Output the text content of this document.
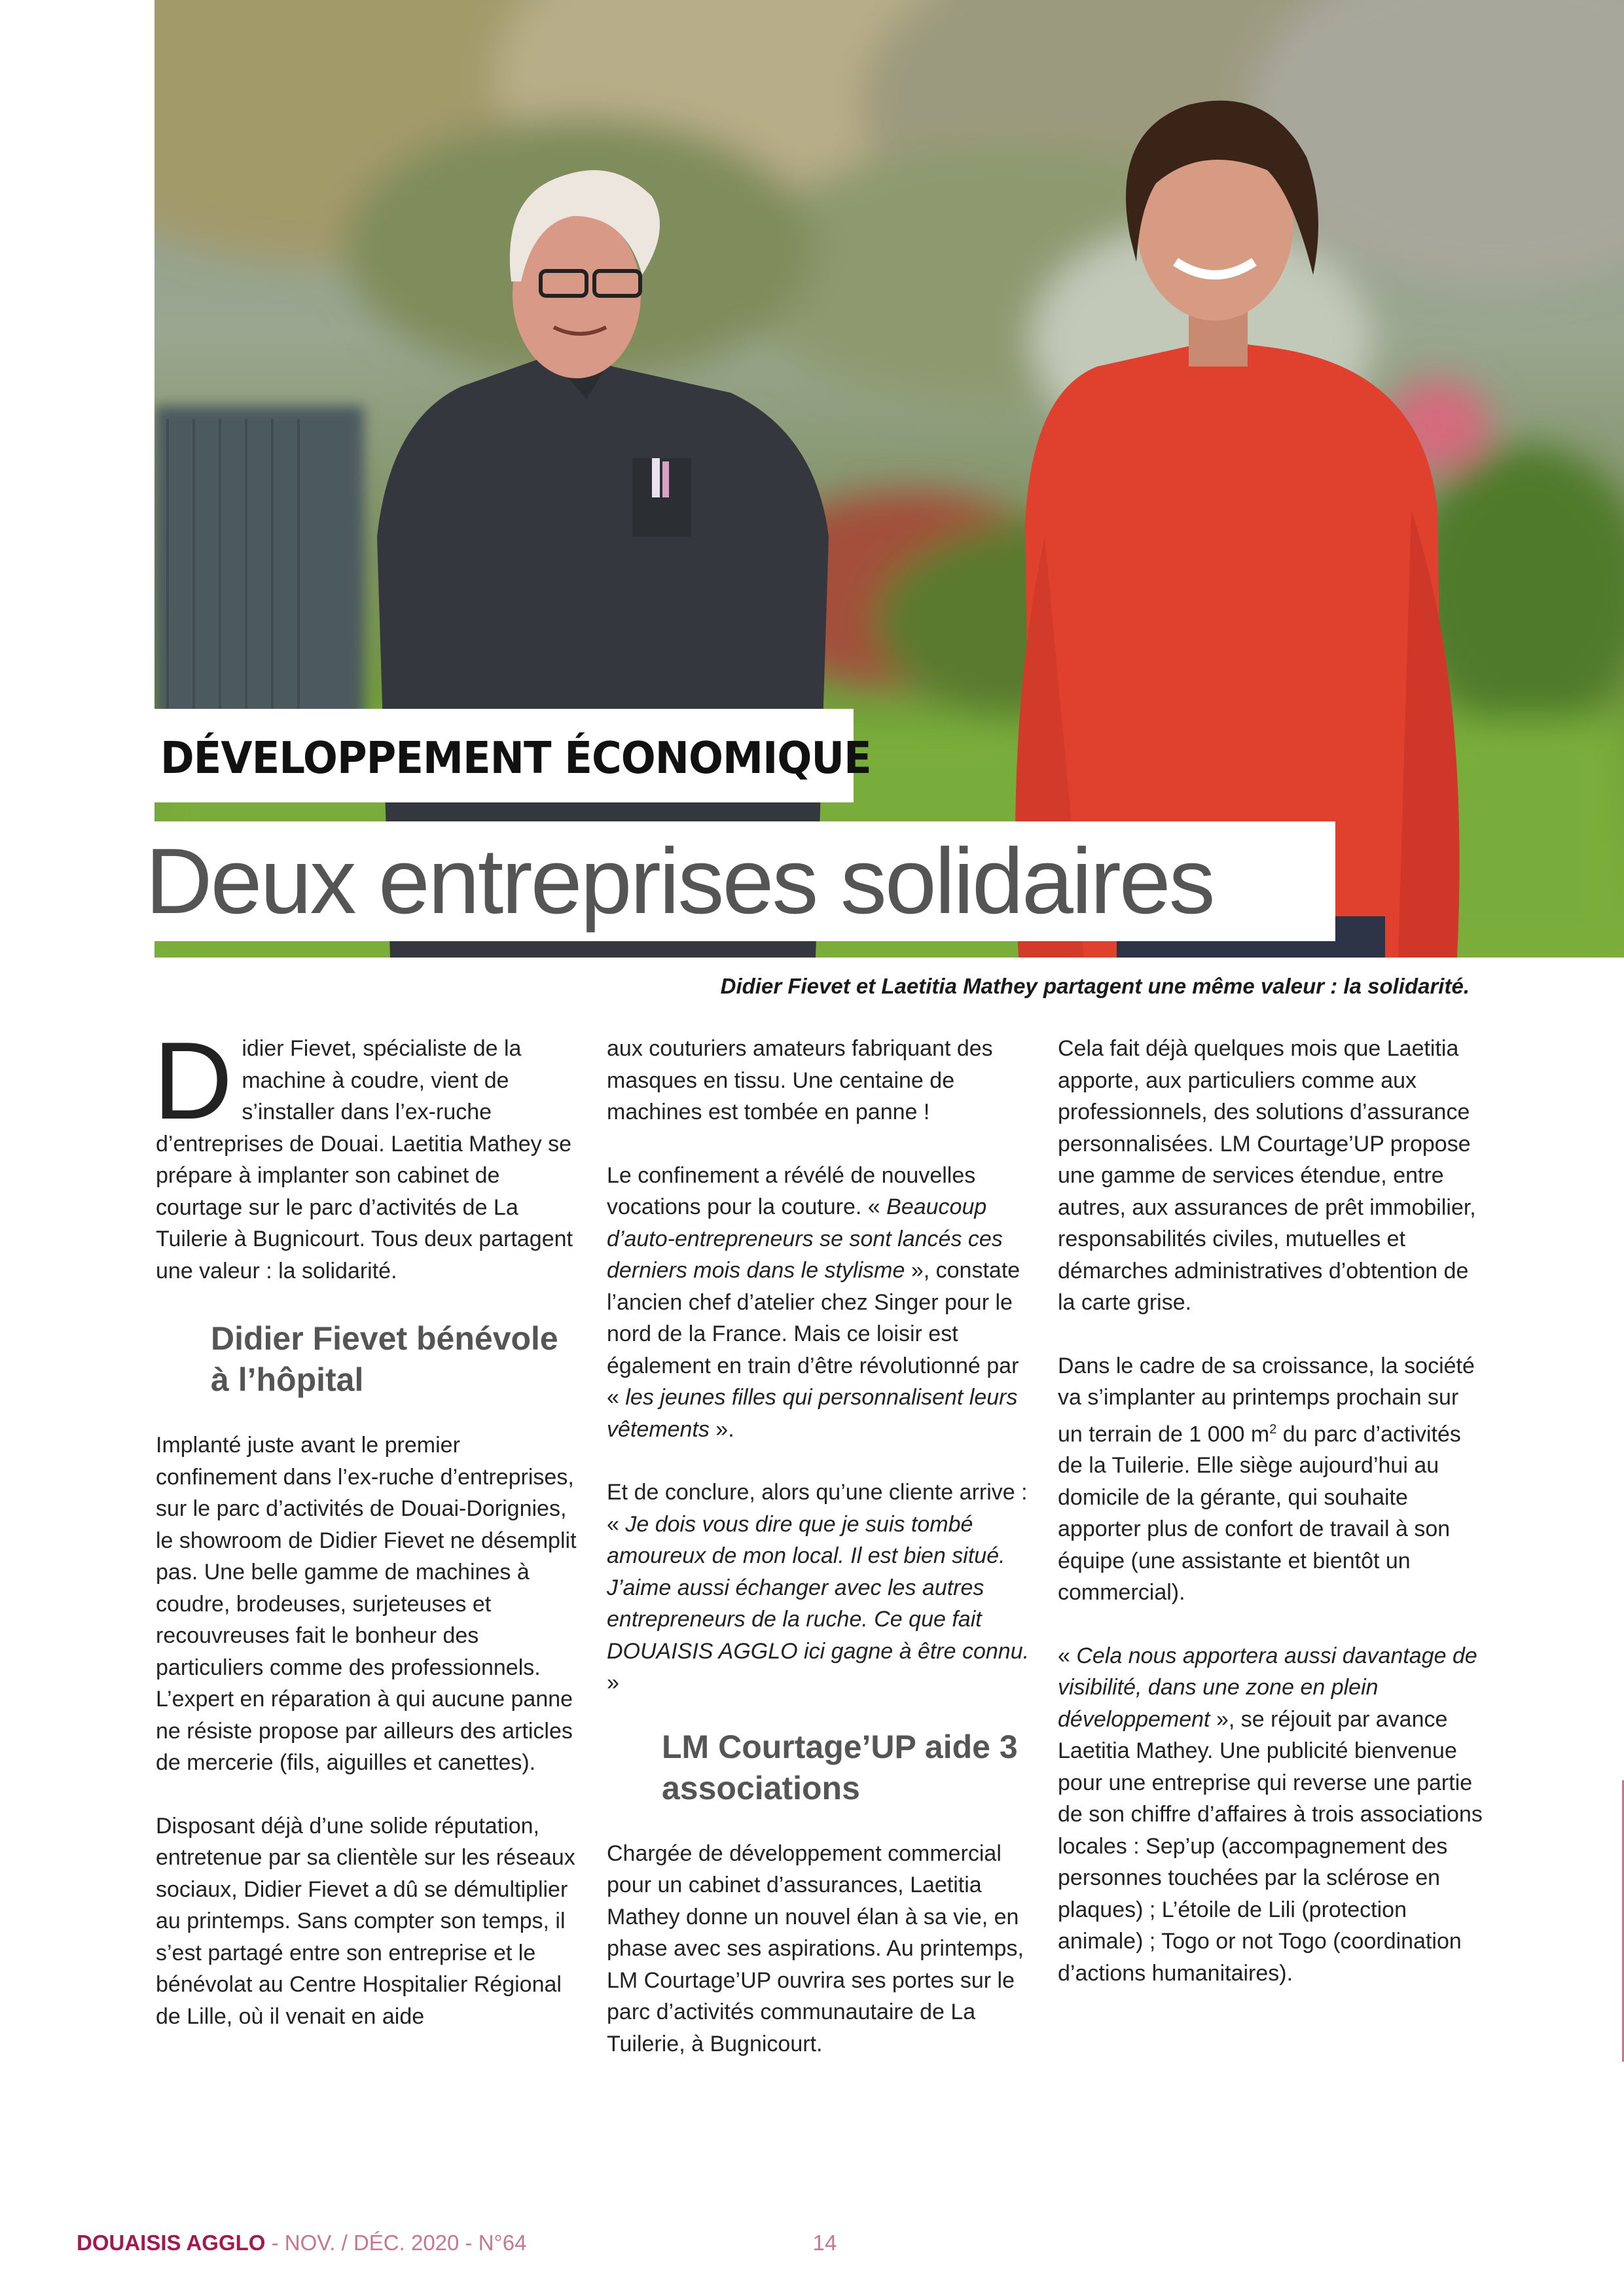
DÉVELOPPEMENT ÉCONOMIQUE
Deux entreprises solidaires
Didier Fievet et Laetitia Mathey partagent une même valeur : la solidarité.

Didier Fievet, spécialiste de la machine à coudre, vient de s’installer dans l’ex-ruche d’entreprises de Douai. Laetitia Mathey se prépare à implanter son cabinet de courtage sur le parc d’activités de La Tuilerie à Bugnicourt. Tous deux partagent une valeur : la solidarité.

Didier Fievet bénévole à l’hôpital

Implanté juste avant le premier confinement dans l’ex-ruche d’entreprises, sur le parc d’activités de Douai-Dorignies, le showroom de Didier Fievet ne désemplit pas. Une belle gamme de machines à coudre, brodeuses, surjeteuses et recouvreuses fait le bonheur des particuliers comme des professionnels. L’expert en réparation à qui aucune panne ne résiste propose par ailleurs des articles de mercerie (fils, aiguilles et canettes).

Disposant déjà d’une solide réputation, entretenue par sa clientèle sur les réseaux sociaux, Didier Fievet a dû se démultiplier au printemps. Sans compter son temps, il s’est partagé entre son entreprise et le bénévolat au Centre Hospitalier Régional de Lille, où il venait en aide

aux couturiers amateurs fabriquant des masques en tissu. Une centaine de machines est tombée en panne !

Le confinement a révélé de nouvelles vocations pour la couture. « Beaucoup d’auto-entrepreneurs se sont lancés ces derniers mois dans le stylisme », constate l’ancien chef d’atelier chez Singer pour le nord de la France. Mais ce loisir est également en train d’être révolutionné par « les jeunes filles qui personnalisent leurs vêtements ».

Et de conclure, alors qu’une cliente arrive : « Je dois vous dire que je suis tombé amoureux de mon local. Il est bien situé. J’aime aussi échanger avec les autres entrepreneurs de la ruche. Ce que fait DOUAISIS AGGLO ici gagne à être connu. »

LM Courtage’UP aide 3 associations

Chargée de développement commercial pour un cabinet d’assurances, Laetitia Mathey donne un nouvel élan à sa vie, en phase avec ses aspirations. Au printemps, LM Courtage’UP ouvrira ses portes sur le parc d’activités communautaire de La Tuilerie, à Bugnicourt.

Cela fait déjà quelques mois que Laetitia apporte, aux particuliers comme aux professionnels, des solutions d’assurance personnalisées. LM Courtage’UP propose une gamme de services étendue, entre autres, aux assurances de prêt immobilier, responsabilités civiles, mutuelles et démarches administratives d’obtention de la carte grise.

Dans le cadre de sa croissance, la société va s’implanter au printemps prochain sur un terrain de 1 000 $m^2$ du parc d’activités de la Tuilerie. Elle siège aujourd’hui au domicile de la gérante, qui souhaite apporter plus de confort de travail à son équipe (une assistante et bientôt un commercial).

« Cela nous apportera aussi davantage de visibilité, dans une zone en plein développement », se réjouit par avance Laetitia Mathey. Une publicité bienvenue pour une entreprise qui reverse une partie de son chiffre d’affaires à trois associations locales : Sep’up (accompagnement des personnes touchées par la sclérose en plaques) ; L’étoile de Lili (protection animale) ; Togo or not Togo (coordination d’actions humanitaires).

DOUAISIS AGGLO - NOV. / DÉC. 2020 - N°64	14
